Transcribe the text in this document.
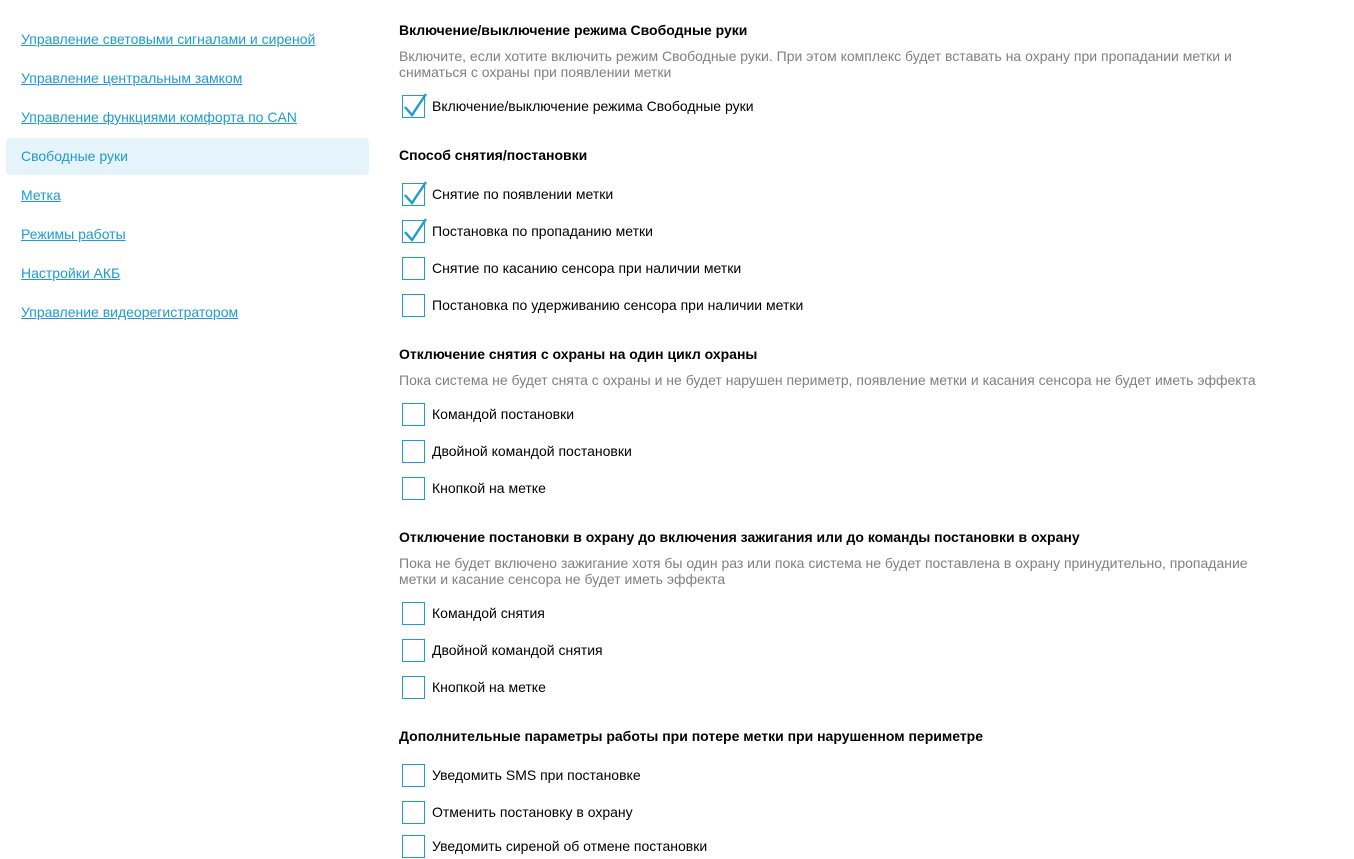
Управление световыми сигналами и сиреной
Управление центральным замком
Управление функциями комфорта по CAN
Свободные руки
Метка
Режимы работы
Настройки АКБ
Управление видеорегистратором
Включение/выключение режима Свободные руки
Включите, если хотите включить режим Свободные руки. При этом комплекс будет вставать на охрану при пропадании метки и сниматься с охраны при появлении метки
Включение/выключение режима Свободные руки
Способ снятия/постановки
Снятие по появлении метки
Постановка по пропаданию метки
Снятие по касанию сенсора при наличии метки
Постановка по удерживанию сенсора при наличии метки
Отключение снятия с охраны на один цикл охраны
Пока система не будет снята с охраны и не будет нарушен периметр, появление метки и касания сенсора не будет иметь эффекта
Командой постановки
Двойной командой постановки
Кнопкой на метке
Отключение постановки в охрану до включения зажигания или до команды постановки в охрану
Пока не будет включено зажигание хотя бы один раз или пока система не будет поставлена в охрану принудительно, пропадание метки и касание сенсора не будет иметь эффекта
Командой снятия
Двойной командой снятия
Кнопкой на метке
Дополнительные параметры работы при потере метки при нарушенном периметре
Уведомить SMS при постановке
Отменить постановку в охрану
Уведомить сиреной об отмене постановки
